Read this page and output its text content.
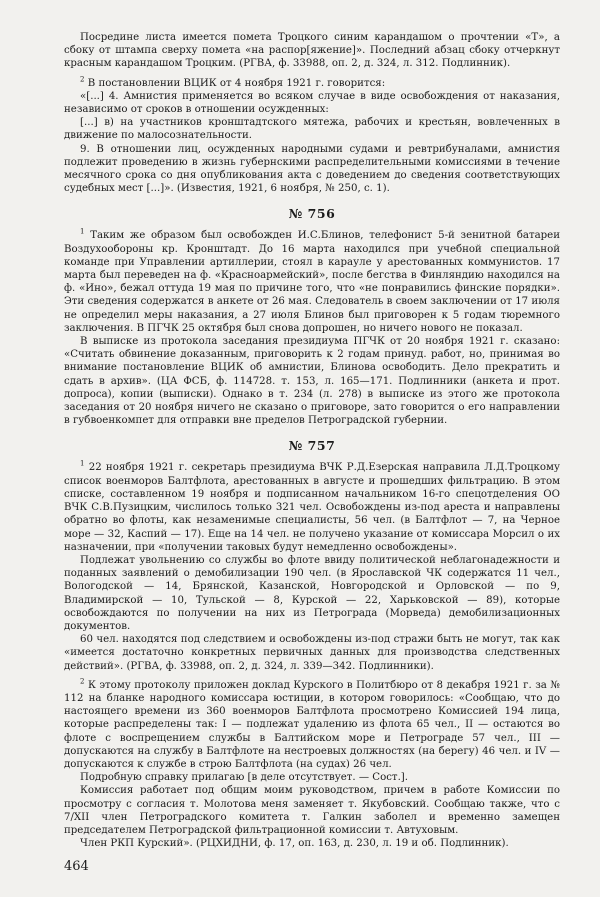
Посредине листа имеется помета Троцкого синим карандашом о прочтении «Т», а сбоку от штампа сверху помета «на распор[яжение]». Последний абзац сбоку отчеркнут красным карандашом Троцким. (РГВА, ф. 33988, оп. 2, д. 324, л. 312. Подлинник).

$^2$ В постановлении ВЦИК от 4 ноября 1921 г. говорится:

«[...] 4. Амнистия применяется во всяком случае в виде освобождения от наказания, независимо от сроков в отношении осужденных:

[...] в) на участников кронштадтского мятежа, рабочих и крестьян, вовлеченных в движение по малосознательности.

9. В отношении лиц, осужденных народными судами и ревтрибуналами, амнистия подлежит проведению в жизнь губернскими распределительными комиссиями в течение месячного срока со дня опубликования акта с доведением до сведения соответствующих судебных мест [...]». (Известия, 1921, 6 ноября, № 250, с. 1).

№ 756

$^1$ Таким же образом был освобожден И.С.Блинов, телефонист 5-й зенитной батареи Воздухообороны кр. Кронштадт. До 16 марта находился при учебной специальной команде при Управлении артиллерии, стоял в карауле у арестованных коммунистов. 17 марта был переведен на ф. «Красноармейский», после бегства в Финляндию находился на ф. «Ино», бежал оттуда 19 мая по причине того, что «не понравились финские порядки». Эти сведения содержатся в анкете от 26 мая. Следователь в своем заключении от 17 июля не определил меры наказания, а 27 июля Блинов был приговорен к 5 годам тюремного заключения. В ПГЧК 25 октября был снова допрошен, но ничего нового не показал.

В выписке из протокола заседания президиума ПГЧК от 20 ноября 1921 г. сказано: «Считать обвинение доказанным, приговорить к 2 годам принуд. работ, но, принимая во внимание постановление ВЦИК об амнистии, Блинова освободить. Дело прекратить и сдать в архив». (ЦА ФСБ, ф. 114728. т. 153, л. 165—171. Подлинники (анкета и прот. допроса), копии (выписки). Однако в т. 234 (л. 278) в выписке из этого же протокола заседания от 20 ноября ничего не сказано о приговоре, зато говорится о его направлении в губвоенкомпет для отправки вне пределов Петроградской губернии.

№ 757

$^1$ 22 ноября 1921 г. секретарь президиума ВЧК Р.Д.Езерская направила Л.Д.Троцкому список военморов Балтфлота, арестованных в августе и прошедших фильтрацию. В этом списке, составленном 19 ноября и подписанном начальником 16-го спецотделения ОО ВЧК С.В.Пузицким, числилось только 321 чел. Освобождены из-под ареста и направлены обратно во флоты, как незаменимые специалисты, 56 чел. (в Балтфлот — 7, на Черное море — 32, Каспий — 17). Еще на 14 чел. не получено указание от комиссара Морсил о их назначении, при «получении таковых будут немедленно освобождены».

Подлежат увольнению со службы во флоте ввиду политической неблагонадежности и поданных заявлений о демобилизации 190 чел. (в Ярославской ЧК содержатся 11 чел., Вологодской — 14, Брянской, Казанской, Новгородской и Орловской — по 9, Владимирской — 10, Тульской — 8, Курской — 22, Харьковской — 89), которые освобождаются по получении на них из Петрограда (Морведа) демобилизационных документов.

60 чел. находятся под следствием и освобождены из-под стражи быть не могут, так как «имеется достаточно конкретных первичных данных для производства следственных действий». (РГВА, ф. 33988, оп. 2, д. 324, л. 339—342. Подлинники).

$^2$ К этому протоколу приложен доклад Курского в Политбюро от 8 декабря 1921 г. за № 112 на бланке народного комиссара юстиции, в котором говорилось: «Сообщаю, что до настоящего времени из 360 военморов Балтфлота просмотрено Комиссией 194 лица, которые распределены так: I — подлежат удалению из флота 65 чел., II — остаются во флоте с воспрещением службы в Балтийском море и Петрограде 57 чел., III — допускаются на службу в Балтфлоте на нестроевых должностях (на берегу) 46 чел. и IV — допускаются к службе в строю Балтфлота (на судах) 26 чел.

Подробную справку прилагаю [в деле отсутствует. — Сост.].

Комиссия работает под общим моим руководством, причем в работе Комиссии по просмотру с согласия т. Молотова меня заменяет т. Якубовский. Сообщаю также, что с 7/XII член Петроградского комитета т. Галкин заболел и временно замещен председателем Петроградской фильтрационной комиссии т. Автуховым.

Член РКП Курский». (РЦХИДНИ, ф. 17, оп. 163, д. 230, л. 19 и об. Подлинник).

464
